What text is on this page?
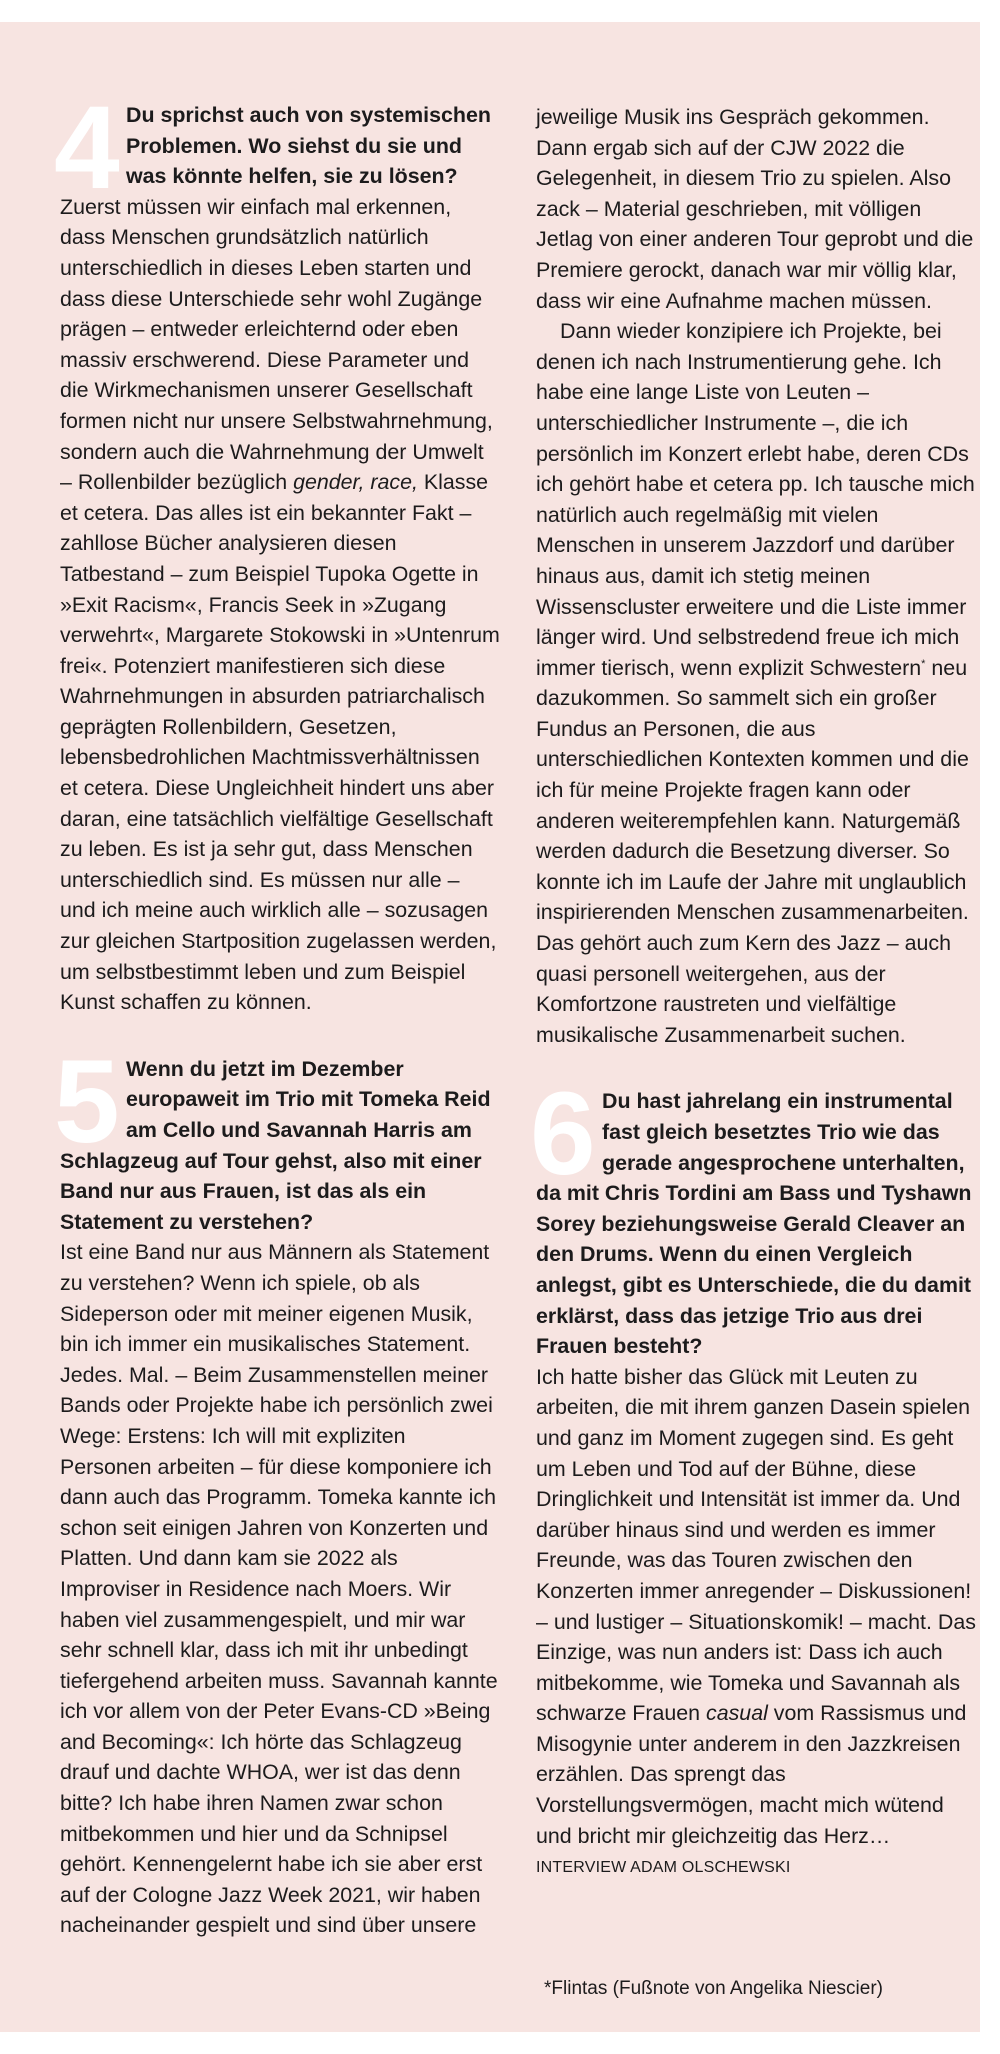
4 Du sprichst auch von systemischen Problemen. Wo siehst du sie und was könnte helfen, sie zu lösen?

Zuerst müssen wir einfach mal erkennen, dass Menschen grundsätzlich natürlich unterschiedlich in dieses Leben starten und dass diese Unterschiede sehr wohl Zugänge prägen – entweder erleichternd oder eben massiv erschwerend. Diese Parameter und die Wirkmechanismen unserer Gesellschaft formen nicht nur unsere Selbstwahrnehmung, sondern auch die Wahrnehmung der Umwelt – Rollenbilder bezüglich gender, race, Klasse et cetera. Das alles ist ein bekannter Fakt – zahllose Bücher analysieren diesen Tatbestand – zum Beispiel Tupoka Ogette in »Exit Racism«, Francis Seek in »Zugang verwehrt«, Margarete Stokowski in »Untenrum frei«. Potenziert manifestieren sich diese Wahrnehmungen in absurden patriarchalisch geprägten Rollenbildern, Gesetzen, lebensbedrohlichen Machtmissverhältnissen et cetera. Diese Ungleichheit hindert uns aber daran, eine tatsächlich vielfältige Gesellschaft zu leben. Es ist ja sehr gut, dass Menschen unterschiedlich sind. Es müssen nur alle – und ich meine auch wirklich alle – sozusagen zur gleichen Startposition zugelassen werden, um selbstbestimmt leben und zum Beispiel Kunst schaffen zu können.

5 Wenn du jetzt im Dezember europaweit im Trio mit Tomeka Reid am Cello und Savannah Harris am Schlagzeug auf Tour gehst, also mit einer Band nur aus Frauen, ist das als ein Statement zu verstehen?

Ist eine Band nur aus Männern als Statement zu verstehen? Wenn ich spiele, ob als Sideperson oder mit meiner eigenen Musik, bin ich immer ein musikalisches Statement. Jedes. Mal. – Beim Zusammenstellen meiner Bands oder Projekte habe ich persönlich zwei Wege: Erstens: Ich will mit expliziten Personen arbeiten – für diese komponiere ich dann auch das Programm. Tomeka kannte ich schon seit einigen Jahren von Konzerten und Platten. Und dann kam sie 2022 als Improviser in Residence nach Moers. Wir haben viel zusammengespielt, und mir war sehr schnell klar, dass ich mit ihr unbedingt tiefergehend arbeiten muss. Savannah kannte ich vor allem von der Peter Evans-CD »Being and Becoming«: Ich hörte das Schlagzeug drauf und dachte WHOA, wer ist das denn bitte? Ich habe ihren Namen zwar schon mitbekommen und hier und da Schnipsel gehört. Kennengelernt habe ich sie aber erst auf der Cologne Jazz Week 2021, wir haben nacheinander gespielt und sind über unsere

jeweilige Musik ins Gespräch gekommen. Dann ergab sich auf der CJW 2022 die Gelegenheit, in diesem Trio zu spielen. Also zack – Material geschrieben, mit völligen Jetlag von einer anderen Tour geprobt und die Premiere gerockt, danach war mir völlig klar, dass wir eine Aufnahme machen müssen.

Dann wieder konzipiere ich Projekte, bei denen ich nach Instrumentierung gehe. Ich habe eine lange Liste von Leuten – unterschiedlicher Instrumente –, die ich persönlich im Konzert erlebt habe, deren CDs ich gehört habe et cetera pp. Ich tausche mich natürlich auch regelmäßig mit vielen Menschen in unserem Jazzdorf und darüber hinaus aus, damit ich stetig meinen Wissenscluster erweitere und die Liste immer länger wird. Und selbstredend freue ich mich immer tierisch, wenn explizit Schwestern* neu dazukommen. So sammelt sich ein großer Fundus an Personen, die aus unterschiedlichen Kontexten kommen und die ich für meine Projekte fragen kann oder anderen weiterempfehlen kann. Naturgemäß werden dadurch die Besetzung diverser. So konnte ich im Laufe der Jahre mit unglaublich inspirierenden Menschen zusammenarbeiten. Das gehört auch zum Kern des Jazz – auch quasi personell weitergehen, aus der Komfortzone raustreten und vielfältige musikalische Zusammenarbeit suchen.

6 Du hast jahrelang ein instrumental fast gleich besetztes Trio wie das gerade angesprochene unterhalten, da mit Chris Tordini am Bass und Tyshawn Sorey beziehungsweise Gerald Cleaver an den Drums. Wenn du einen Vergleich anlegst, gibt es Unterschiede, die du damit erklärst, dass das jetzige Trio aus drei Frauen besteht?

Ich hatte bisher das Glück mit Leuten zu arbeiten, die mit ihrem ganzen Dasein spielen und ganz im Moment zugegen sind. Es geht um Leben und Tod auf der Bühne, diese Dringlichkeit und Intensität ist immer da. Und darüber hinaus sind und werden es immer Freunde, was das Touren zwischen den Konzerten immer anregender – Diskussionen! – und lustiger – Situationskomik! – macht. Das Einzige, was nun anders ist: Dass ich auch mitbekomme, wie Tomeka und Savannah als schwarze Frauen casual vom Rassismus und Misogynie unter anderem in den Jazzkreisen erzählen. Das sprengt das Vorstellungsvermögen, macht mich wütend und bricht mir gleichzeitig das Herz…

INTERVIEW ADAM OLSCHEWSKI
*Flintas (Fußnote von Angelika Niescier)
